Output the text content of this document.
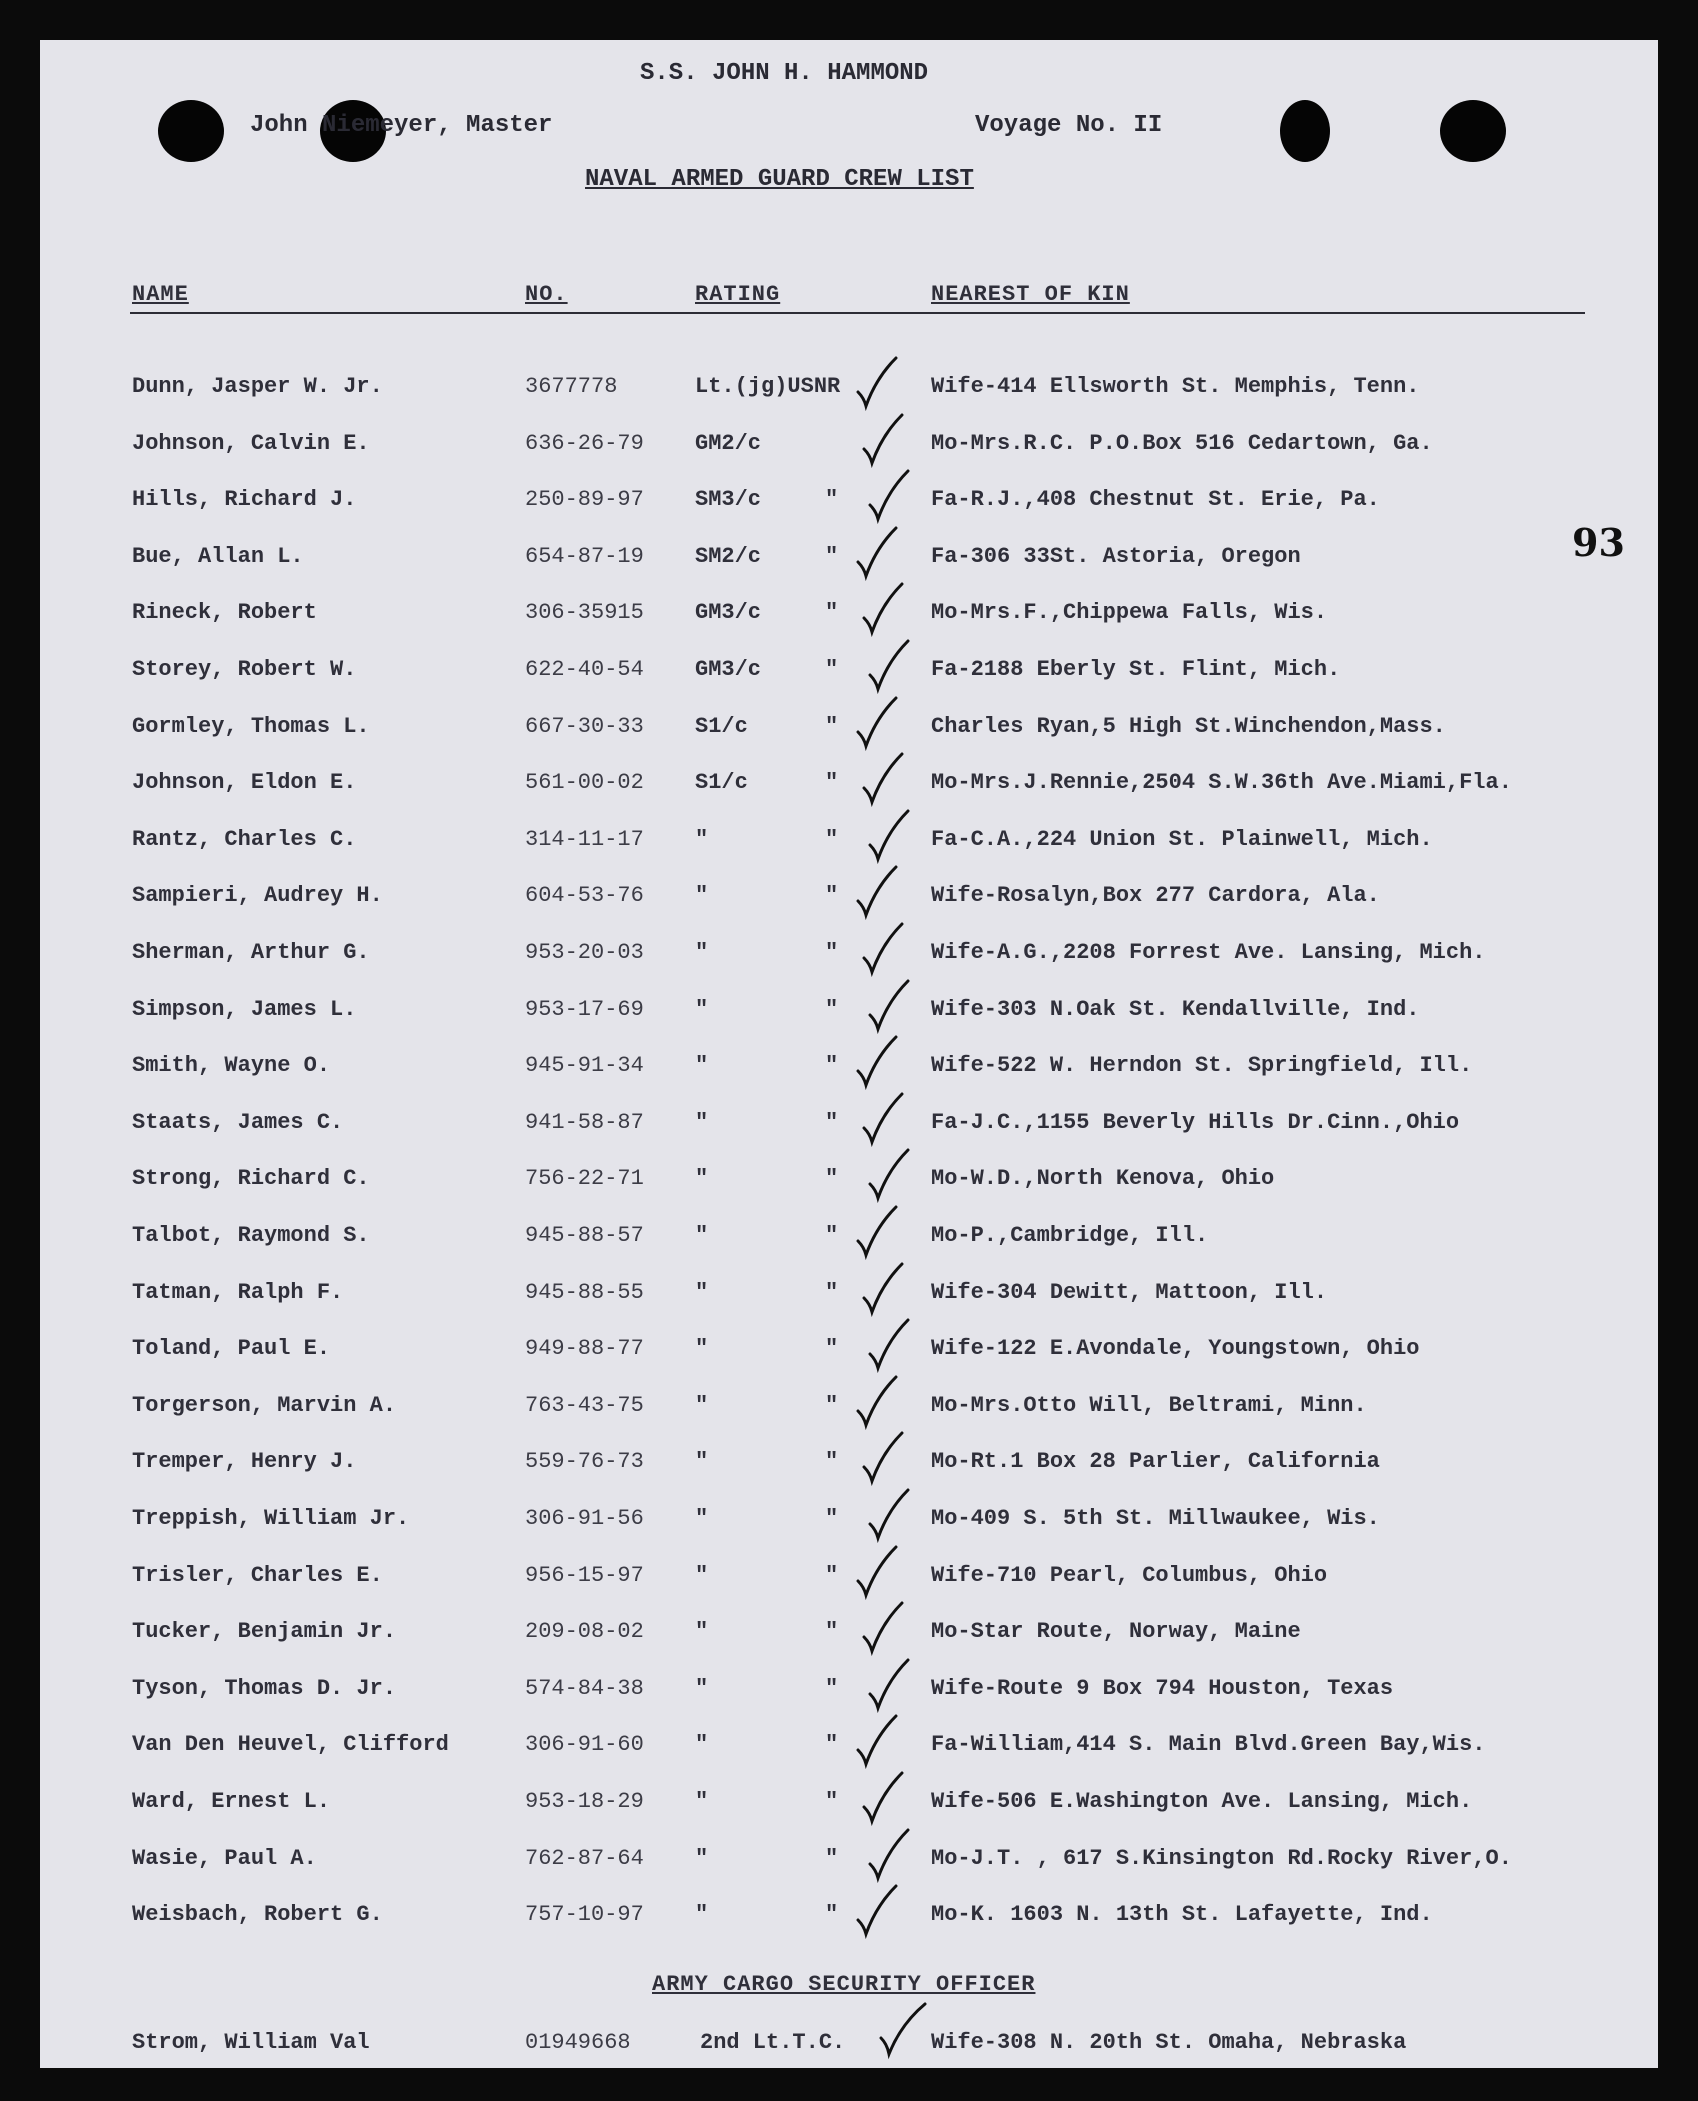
S.S. JOHN H. HAMMOND
John Niemeyer, Master	Voyage No. II
NAVAL ARMED GUARD CREW LIST
93
NAME	NO.	RATING	NEAREST OF KIN
Dunn, Jasper W. Jr.	3677778	Lt.(jg)USNR	Wife-414 Ellsworth St. Memphis, Tenn.
Johnson, Calvin E.	636-26-79 GM2/c	Mo-Mrs.R.C. P.O.Box 516 Cedartown, Ga.
Hills, Richard J.	250-89-97 SM3/c	"	Fa-R.J.,408 Chestnut St. Erie, Pa.
Bue, Allan L.	654-87-19 SM2/c	"	Fa-306 33St. Astoria, Oregon
Rineck, Robert	306-35915 GM3/c	"	Mo-Mrs.F.,Chippewa Falls, Wis.
Storey, Robert W.	622-40-54 GM3/c	"	Fa-2188 Eberly St. Flint, Mich.
Gormley, Thomas L.	667-30-33 S1/c	"	Charles Ryan,5 High St.Winchendon,Mass.
Johnson, Eldon E.	561-00-02 S1/c	"	Mo-Mrs.J.Rennie,2504 S.W.36th Ave.Miami,Fla.
Rantz, Charles C.	314-11-17 "	"	Fa-C.A.,224 Union St. Plainwell, Mich.
Sampieri, Audrey H.	604-53-76 "	"	Wife-Rosalyn,Box 277 Cardora, Ala.
Sherman, Arthur G.	953-20-03 "	"	Wife-A.G.,2208 Forrest Ave. Lansing, Mich.
Simpson, James L.	953-17-69 "	"	Wife-303 N.Oak St. Kendallville, Ind.
Smith, Wayne O.	945-91-34 "	"	Wife-522 W. Herndon St. Springfield, Ill.
Staats, James C.	941-58-87 "	"	Fa-J.C.,1155 Beverly Hills Dr.Cinn.,Ohio
Strong, Richard C.	756-22-71 "	"	Mo-W.D.,North Kenova, Ohio
Talbot, Raymond S.	945-88-57 "	"	Mo-P.,Cambridge, Ill.
Tatman, Ralph F.	945-88-55 "	"	Wife-304 Dewitt, Mattoon, Ill.
Toland, Paul E.	949-88-77 "	"	Wife-122 E.Avondale, Youngstown, Ohio
Torgerson, Marvin A.	763-43-75 "	"	Mo-Mrs.Otto Will, Beltrami, Minn.
Tremper, Henry J.	559-76-73 "	"	Mo-Rt.1 Box 28 Parlier, California
Treppish, William Jr.	306-91-56 "	"	Mo-409 S. 5th St. Millwaukee, Wis.
Trisler, Charles E.	956-15-97 "	"	Wife-710 Pearl, Columbus, Ohio
Tucker, Benjamin Jr.	209-08-02 "	"	Mo-Star Route, Norway, Maine
Tyson, Thomas D. Jr.	574-84-38 "	"	Wife-Route 9 Box 794 Houston, Texas
Van Den Heuvel, Clifford	306-91-60 "	"	Fa-William,414 S. Main Blvd.Green Bay,Wis.
Ward, Ernest L.	953-18-29 "	"	Wife-506 E.Washington Ave. Lansing, Mich.
Wasie, Paul A.	762-87-64 "	"	Mo-J.T. , 617 S.Kinsington Rd.Rocky River,O.
Weisbach, Robert G.	757-10-97 "	"	Mo-K. 1603 N. 13th St. Lafayette, Ind.
ARMY CARGO SECURITY OFFICER
Strom, William Val	01949668	2nd Lt.T.C.	Wife-308 N. 20th St. Omaha, Nebraska
